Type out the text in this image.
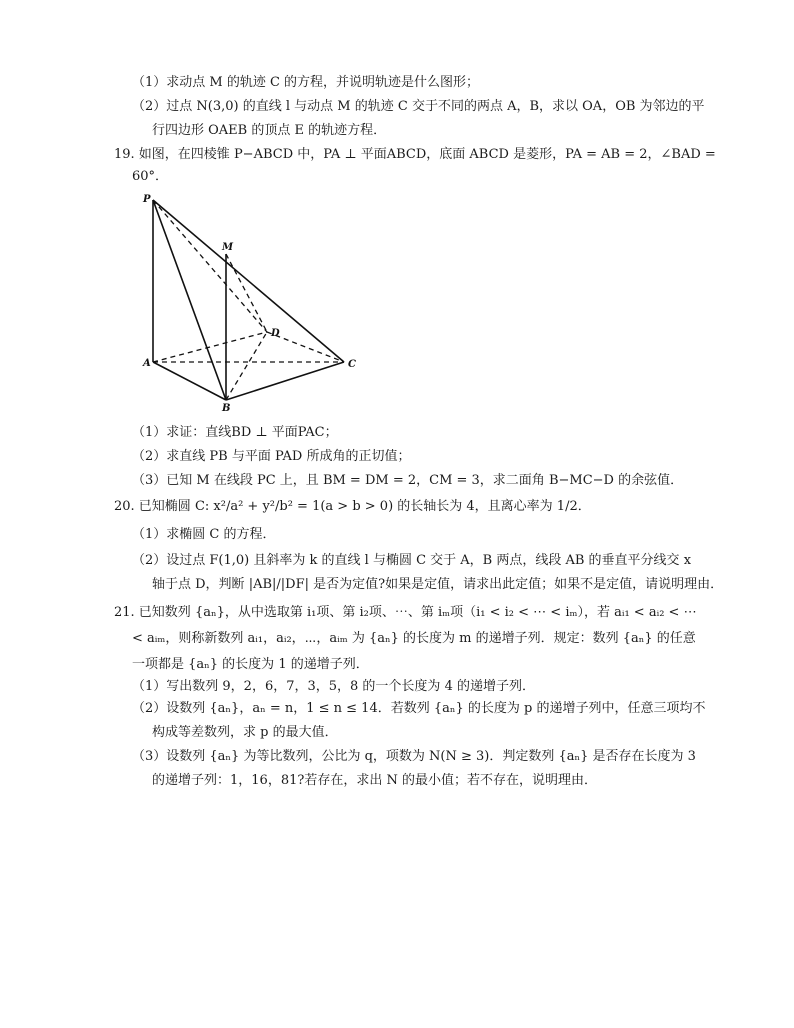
（1）求动点 M 的轨迹 C 的方程，并说明轨迹是什么图形；
（2）过点 N(3,0) 的直线 l 与动点 M 的轨迹 C 交于不同的两点 A，B，求以 OA，OB 为邻边的平
行四边形 OAEB 的顶点 E 的轨迹方程．
19. 如图，在四棱锥 P−ABCD 中，PA ⊥ 平面ABCD，底面 ABCD 是菱形，PA = AB = 2，∠BAD =
60°．
P
M
D
A	C
B
（1）求证：直线BD ⊥ 平面PAC；
（2）求直线 PB 与平面 PAD 所成角的正切值；
（3）已知 M 在线段 PC 上，且 BM = DM = 2，CM = 3，求二面角 B−MC−D 的余弦值．
20. 已知椭圆 C: x²/a² + y²/b² = 1(a > b > 0) 的长轴长为 4，且离心率为 1/2．
（1）求椭圆 C 的方程．
（2）设过点 F(1,0) 且斜率为 k 的直线 l 与椭圆 C 交于 A，B 两点，线段 AB 的垂直平分线交 x
轴于点 D，判断 |AB|/|DF| 是否为定值?如果是定值，请求出此定值；如果不是定值，请说明理由．
21. 已知数列 {aₙ}，从中选取第 i₁项、第 i₂项、⋯、第 iₘ项（i₁ < i₂ < ⋯ < iₘ），若 aᵢ₁ < aᵢ₂ < ⋯
< aᵢₘ，则称新数列 aᵢ₁，aᵢ₂，⋯，aᵢₘ 为 {aₙ} 的长度为 m 的递增子列．规定：数列 {aₙ} 的任意
一项都是 {aₙ} 的长度为 1 的递增子列．
（1）写出数列 9，2，6，7，3，5，8 的一个长度为 4 的递增子列．
（2）设数列 {aₙ}，aₙ = n，1 ≤ n ≤ 14．若数列 {aₙ} 的长度为 p 的递增子列中，任意三项均不
构成等差数列，求 p 的最大值．
（3）设数列 {aₙ} 为等比数列，公比为 q，项数为 N(N ≥ 3)．判定数列 {aₙ} 是否存在长度为 3
的递增子列：1，16，81?若存在，求出 N 的最小值；若不存在，说明理由．
